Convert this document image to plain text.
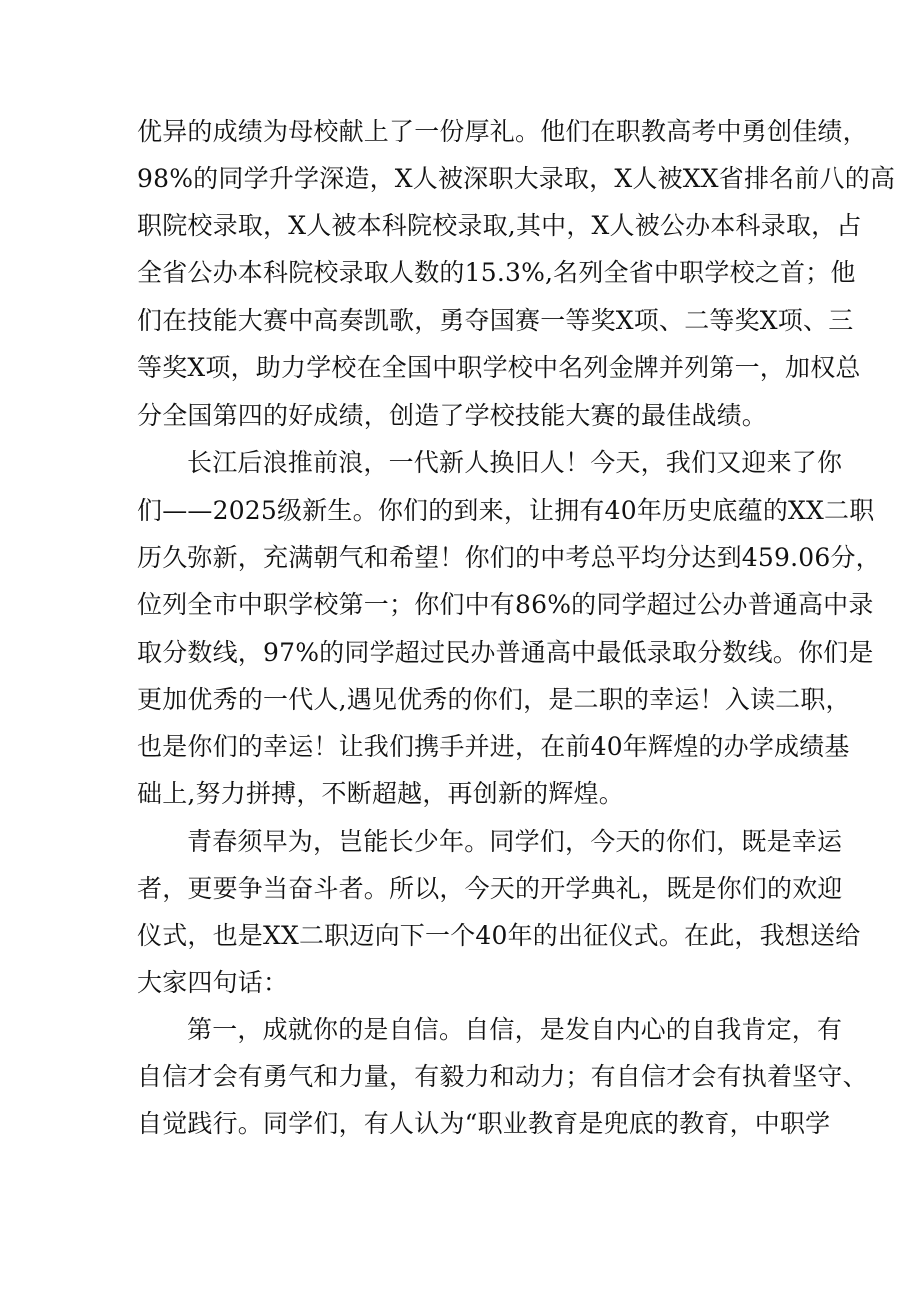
优异的成绩为母校献上了一份厚礼。他们在职教高考中勇创佳绩，
98%的同学升学深造，X人被深职大录取，X人被XX省排名前八的高
职院校录取，X人被本科院校录取,其中，X人被公办本科录取，占
全省公办本科院校录取人数的15.3%,名列全省中职学校之首；他
们在技能大赛中高奏凯歌，勇夺国赛一等奖X项、二等奖X项、三
等奖X项，助力学校在全国中职学校中名列金牌并列第一，加权总
分全国第四的好成绩，创造了学校技能大赛的最佳战绩。
长江后浪推前浪，一代新人换旧人！今天，我们又迎来了你
们——2025级新生。你们的到来，让拥有40年历史底蕴的XX二职
历久弥新，充满朝气和希望！你们的中考总平均分达到459.06分，
位列全市中职学校第一；你们中有86%的同学超过公办普通高中录
取分数线，97%的同学超过民办普通高中最低录取分数线。你们是
更加优秀的一代人,遇见优秀的你们，是二职的幸运！入读二职，
也是你们的幸运！让我们携手并进，在前40年辉煌的办学成绩基
础上,努力拼搏，不断超越，再创新的辉煌。
青春须早为，岂能长少年。同学们，今天的你们，既是幸运
者，更要争当奋斗者。所以，今天的开学典礼，既是你们的欢迎
仪式，也是XX二职迈向下一个40年的出征仪式。在此，我想送给
大家四句话：
第一，成就你的是自信。自信，是发自内心的自我肯定，有
自信才会有勇气和力量，有毅力和动力；有自信才会有执着坚守、
自觉践行。同学们，有人认为“职业教育是兜底的教育，中职学
